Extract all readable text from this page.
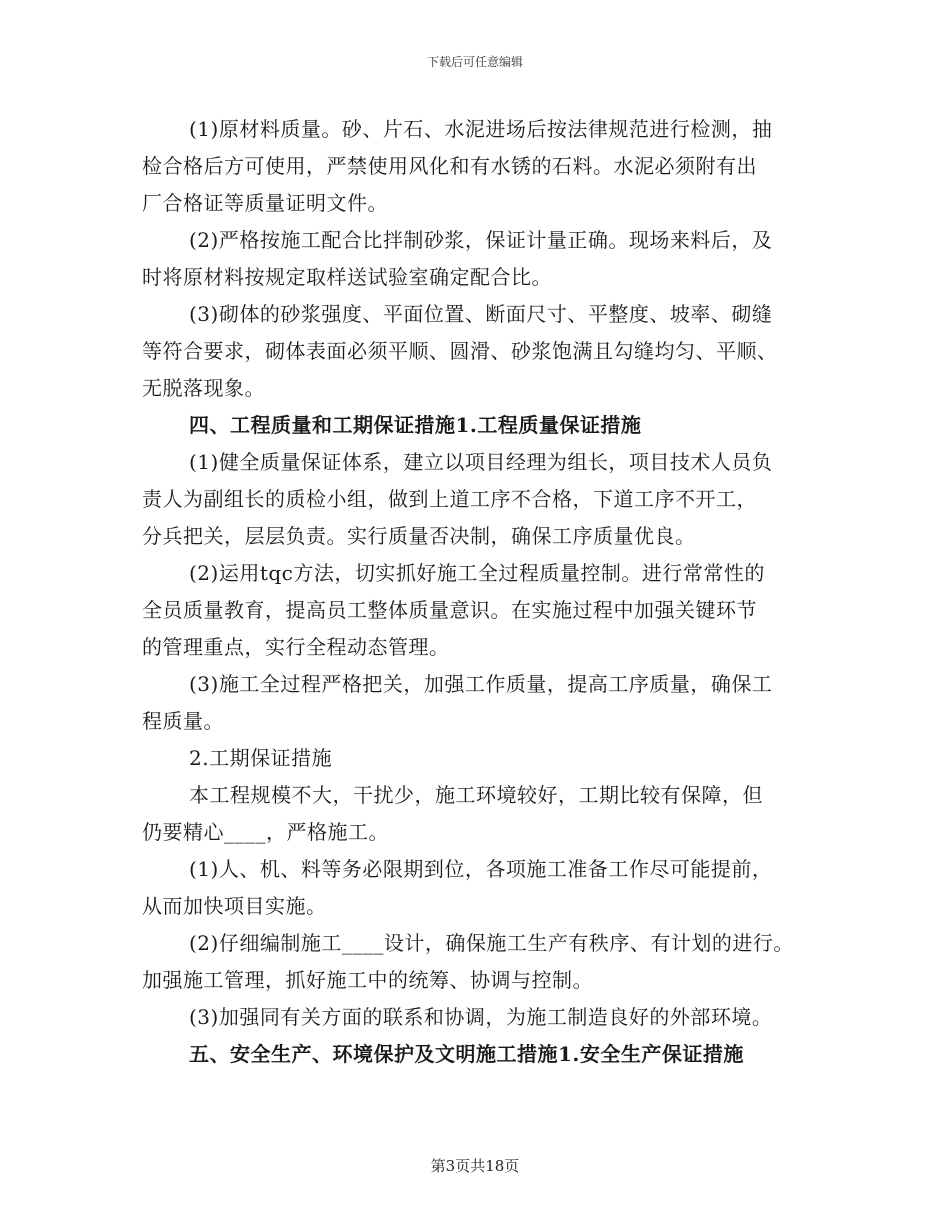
下载后可任意编辑
(1)原材料质量。砂、片石、水泥进场后按法律规范进行检测，抽
检合格后方可使用，严禁使用风化和有水锈的石料。水泥必须附有出
厂合格证等质量证明文件。
(2)严格按施工配合比拌制砂浆，保证计量正确。现场来料后，及
时将原材料按规定取样送试验室确定配合比。
(3)砌体的砂浆强度、平面位置、断面尺寸、平整度、坡率、砌缝
等符合要求，砌体表面必须平顺、圆滑、砂浆饱满且勾缝均匀、平顺、
无脱落现象。
四、工程质量和工期保证措施1.工程质量保证措施
(1)健全质量保证体系，建立以项目经理为组长，项目技术人员负
责人为副组长的质检小组，做到上道工序不合格，下道工序不开工，
分兵把关，层层负责。实行质量否决制，确保工序质量优良。
(2)运用tqc方法，切实抓好施工全过程质量控制。进行常常性的
全员质量教育，提高员工整体质量意识。在实施过程中加强关键环节
的管理重点，实行全程动态管理。
(3)施工全过程严格把关，加强工作质量，提高工序质量，确保工
程质量。
2.工期保证措施
本工程规模不大，干扰少，施工环境较好，工期比较有保障，但
仍要精心____，严格施工。
(1)人、机、料等务必限期到位，各项施工准备工作尽可能提前，
从而加快项目实施。
(2)仔细编制施工____设计，确保施工生产有秩序、有计划的进行。
加强施工管理，抓好施工中的统筹、协调与控制。
(3)加强同有关方面的联系和协调，为施工制造良好的外部环境。
五、安全生产、环境保护及文明施工措施1.安全生产保证措施
第3页共18页
